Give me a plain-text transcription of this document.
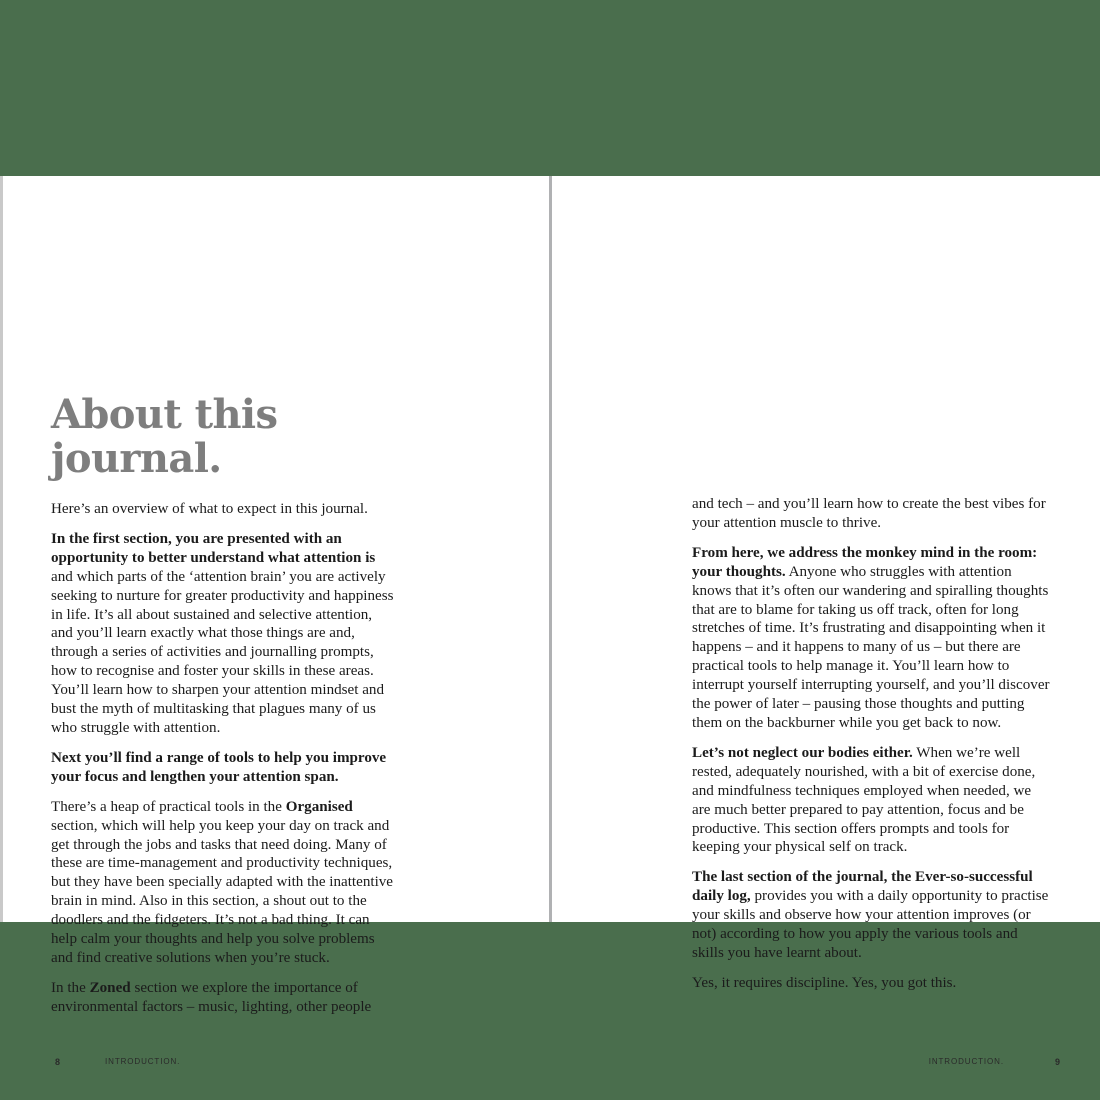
About this journal.

Here’s an overview of what to expect in this journal.

In the first section, you are presented with an opportunity to better understand what attention is and which parts of the ‘attention brain’ you are actively seeking to nurture for greater productivity and happiness in life. It’s all about sustained and selective attention, and you’ll learn exactly what those things are and, through a series of activities and journalling prompts, how to recognise and foster your skills in these areas. You’ll learn how to sharpen your attention mindset and bust the myth of multitasking that plagues many of us who struggle with attention.

Next you’ll find a range of tools to help you improve your focus and lengthen your attention span.

There’s a heap of practical tools in the Organised section, which will help you keep your day on track and get through the jobs and tasks that need doing. Many of these are time-management and productivity techniques, but they have been specially adapted with the inattentive brain in mind. Also in this section, a shout out to the doodlers and the fidgeters. It’s not a bad thing. It can help calm your thoughts and help you solve problems and find creative solutions when you’re stuck.

In the Zoned section we explore the importance of environmental factors – music, lighting, other people

8	INTRODUCTION.

and tech – and you’ll learn how to create the best vibes for your attention muscle to thrive.

From here, we address the monkey mind in the room: your thoughts. Anyone who struggles with attention knows that it’s often our wandering and spiralling thoughts that are to blame for taking us off track, often for long stretches of time. It’s frustrating and disappointing when it happens – and it happens to many of us – but there are practical tools to help manage it. You’ll learn how to interrupt yourself interrupting yourself, and you’ll discover the power of later – pausing those thoughts and putting them on the backburner while you get back to now.

Let’s not neglect our bodies either. When we’re well rested, adequately nourished, with a bit of exercise done, and mindfulness techniques employed when needed, we are much better prepared to pay attention, focus and be productive. This section offers prompts and tools for keeping your physical self on track.

The last section of the journal, the Ever-so-successful daily log, provides you with a daily opportunity to practise your skills and observe how your attention improves (or not) according to how you apply the various tools and skills you have learnt about.

Yes, it requires discipline. Yes, you got this.

INTRODUCTION.	9
